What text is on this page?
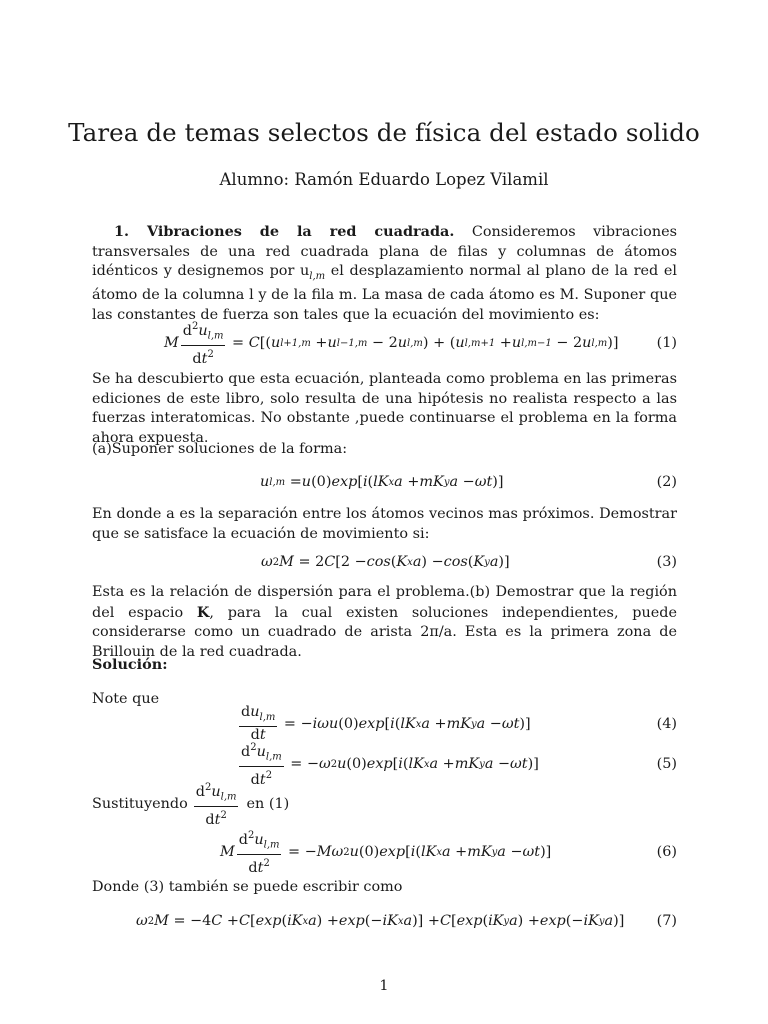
Tarea de temas selectos de física del estado solido
Alumno: Ramón Eduardo Lopez Vilamil

1. Vibraciones de la red cuadrada. Consideremos vibraciones transversales de una red cuadrada plana de filas y columnas de átomos idénticos y designemos por $u_{l,m}$ el desplazamiento normal al plano de la red el átomo de la columna l y de la fila m. La masa de cada átomo es M. Suponer que las constantes de fuerza son tales que la ecuación del movimiento es:

M $\frac{d^2u_{l,m}}{dt^2} = C$ [( u l+1,m + u l−1,m − 2 u l,m ) + ( u l,m+1 + u l,m−1 − 2 u l,m )]	(1)

Se ha descubierto que esta ecuación, planteada como problema en las primeras ediciones de este libro, solo resulta de una hipótesis no realista respecto a las fuerzas interatomicas. No obstante ,puede continuarse el problema en la forma ahora expuesta.

(a)Suponer soluciones de la forma:

u l,m = u (0) exp [ i ( lK x a + mK y a − ωt )]	(2)

En donde a es la separación entre los átomos vecinos mas próximos. Demostrar que se satisface la ecuación de movimiento si:

ω 2 M = 2 C [2 − cos ( K x a ) − cos ( K y a )]	(3)

Esta es la relación de dispersión para el problema.(b) Demostrar que la región del espacio K, para la cual existen soluciones independientes, puede considerarse como un cuadrado de arista 2π/a. Esta es la primera zona de Brillouin de la red cuadrada.

Solución:

Note que

$\frac{du_{l,m}}{dt}$ = − iωu (0) exp [ i ( lK x a + mK y a − ωt )]	(4)
$\frac{d^2u_{l,m}}{dt^2}$ = − ω 2 u (0) exp [ i ( lK x a + mK y a − ωt )]	(5)
Sustituyendo $\frac{d^2u_{l,m}}{dt^2}$ en (1)
M $\frac{d^2u_{l,m}}{dt^2}$ = − Mω 2 u (0) exp [ i ( lK x a + mK y a − ωt )]	(6)

Donde (3) también se puede escribir como

ω 2 M = −4 C + C [ exp ( iK x a ) + exp (− iK x a )] + C [ exp ( iK y a ) + exp (− iK y a )] (7)
1
